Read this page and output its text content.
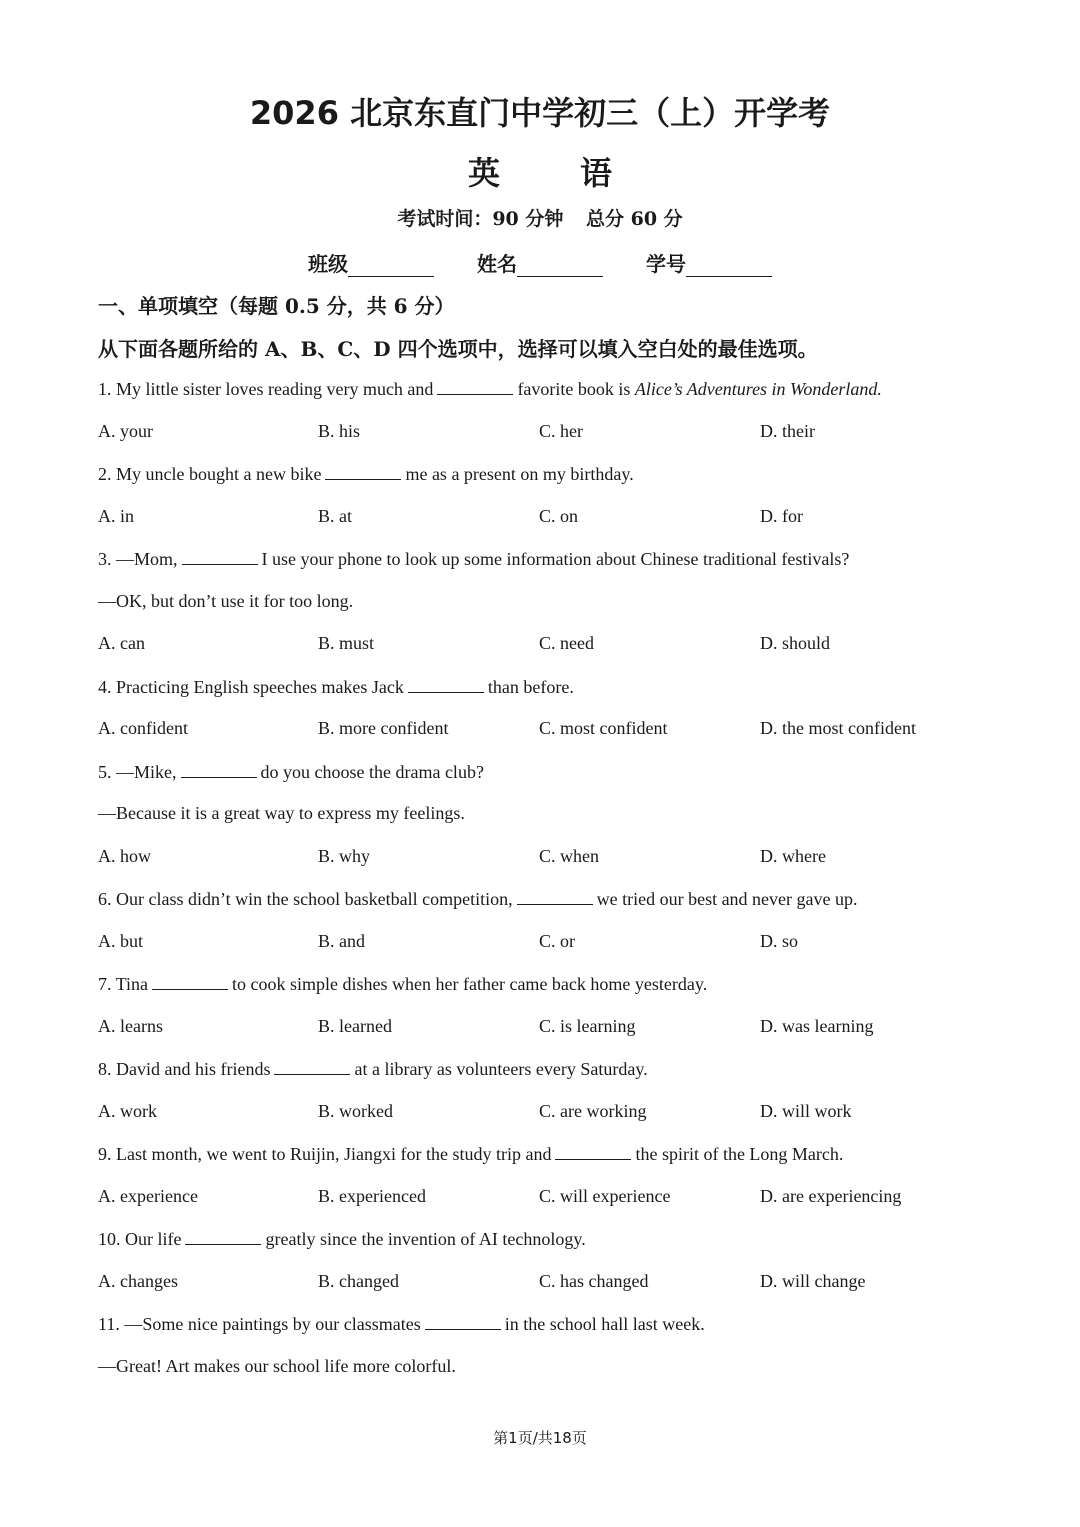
2026 北京东直门中学初三（上）开学考
英	语
考试时间：90 分钟 总分 60 分
班级	姓名	学号
一、单项填空（每题 0.5 分，共 6 分）
从下面各题所给的 A、B、C、D 四个选项中，选择可以填入空白处的最佳选项。
1. My little sister loves reading very much and	favorite book is Alice’s Adventures in Wonderland.
A. your	B. his	C. her	D. their
2. My uncle bought a new bike	me as a present on my birthday.
A. in	B. at	C. on	D. for
3. —Mom,	I use your phone to look up some information about Chinese traditional festivals?
—OK, but don’t use it for too long.
A. can	B. must	C. need	D. should
4. Practicing English speeches makes Jack	than before.
A. confident	B. more confident	C. most confident	D. the most confident
5. —Mike,	do you choose the drama club?
—Because it is a great way to express my feelings.
A. how	B. why	C. when	D. where
6. Our class didn’t win the school basketball competition,	we tried our best and never gave up.
A. but	B. and	C. or	D. so
7. Tina	to cook simple dishes when her father came back home yesterday.
A. learns	B. learned	C. is learning	D. was learning
8. David and his friends	at a library as volunteers every Saturday.
A. work	B. worked	C. are working	D. will work
9. Last month, we went to Ruijin, Jiangxi for the study trip and	the spirit of the Long March.
A. experience	B. experienced	C. will experience	D. are experiencing
10. Our life	greatly since the invention of AI technology.
A. changes	B. changed	C. has changed	D. will change
11. —Some nice paintings by our classmates	in the school hall last week.
—Great! Art makes our school life more colorful.
第1页/共18页
